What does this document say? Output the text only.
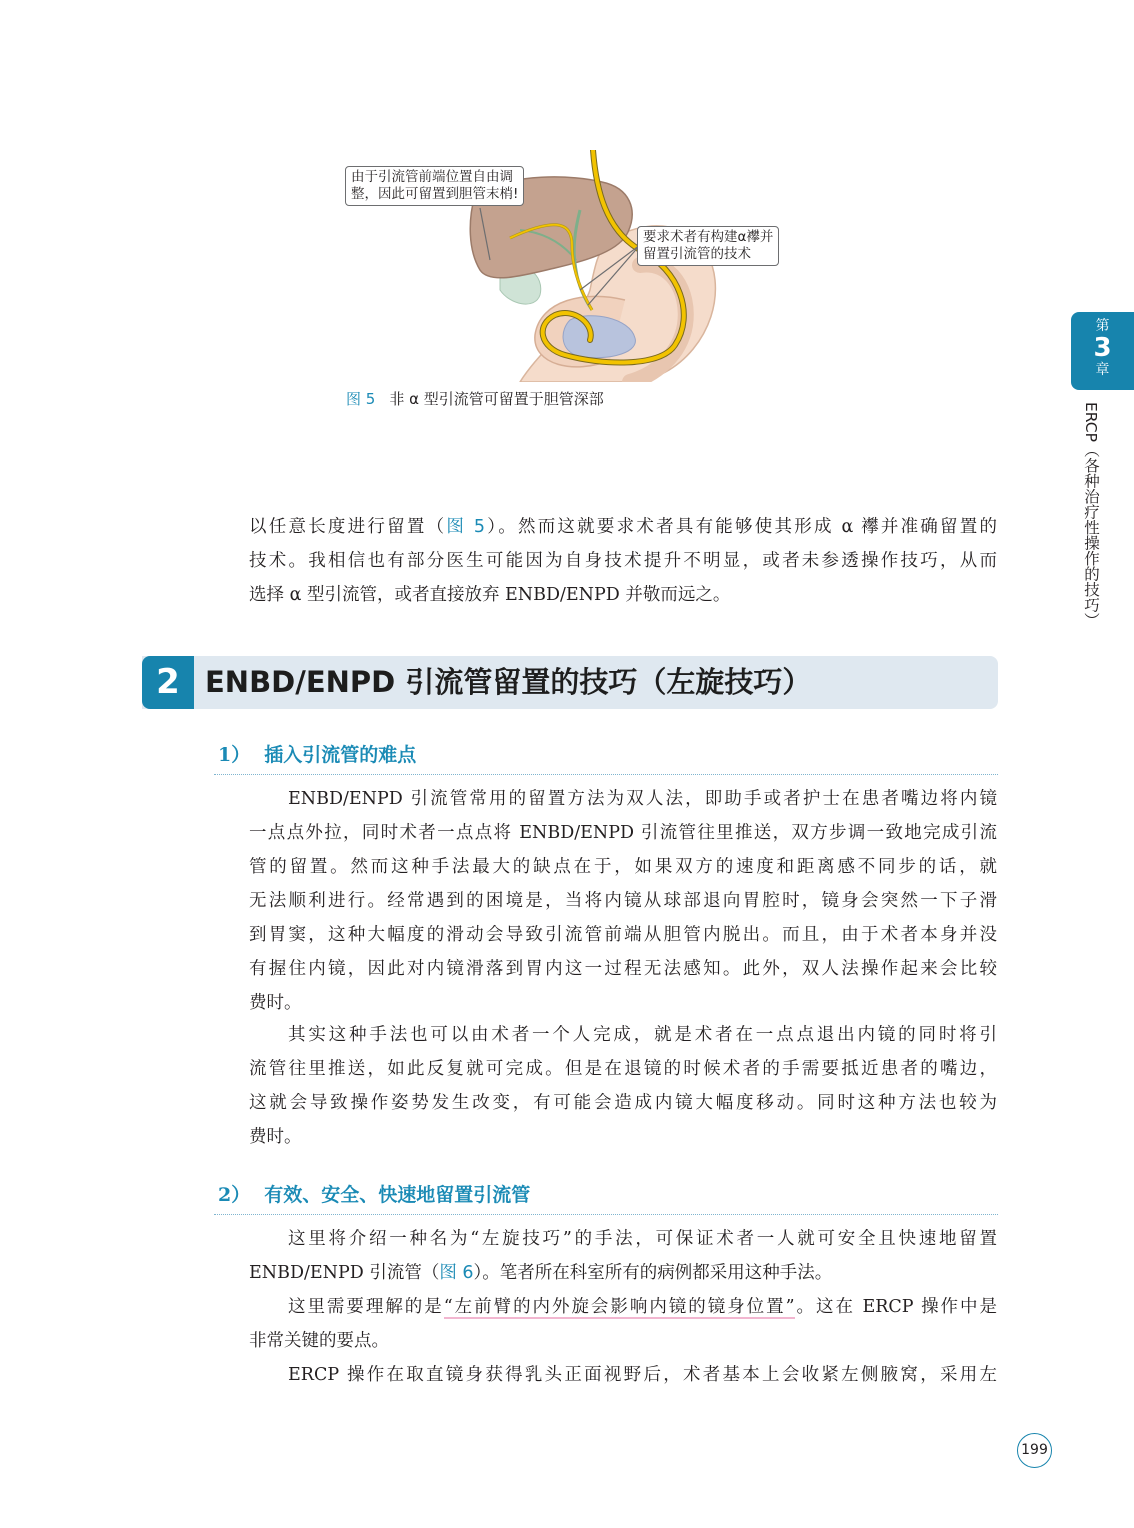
由于引流管前端位置自由调
整，因此可留置到胆管末梢!
要求术者有构建α襻并
留置引流管的技术
图 5 非 α 型引流管可留置于胆管深部
以任意长度进行留置（图 5）。然而这就要求术者具有能够使其形成 α 襻并准确留置的
技术。我相信也有部分医生可能因为自身技术提升不明显，或者未参透操作技巧，从而
选择 α 型引流管，或者直接放弃 ENBD/ENPD 并敬而远之。
2 ENBD/ENPD 引流管留置的技巧（左旋技巧）
1） 插入引流管的难点
ENBD/ENPD 引流管常用的留置方法为双人法，即助手或者护士在患者嘴边将内镜
一点点外拉，同时术者一点点将 ENBD/ENPD 引流管往里推送，双方步调一致地完成引流
管的留置。然而这种手法最大的缺点在于，如果双方的速度和距离感不同步的话，就
无法顺利进行。经常遇到的困境是，当将内镜从球部退向胃腔时，镜身会突然一下子滑
到胃窦，这种大幅度的滑动会导致引流管前端从胆管内脱出。而且，由于术者本身并没
有握住内镜，因此对内镜滑落到胃内这一过程无法感知。此外，双人法操作起来会比较
费时。
其实这种手法也可以由术者一个人完成，就是术者在一点点退出内镜的同时将引
流管往里推送，如此反复就可完成。但是在退镜的时候术者的手需要抵近患者的嘴边，
这就会导致操作姿势发生改变，有可能会造成内镜大幅度移动。同时这种方法也较为
费时。
2） 有效、安全、快速地留置引流管
这里将介绍一种名为“左旋技巧”的手法，可保证术者一人就可安全且快速地留置
ENBD/ENPD 引流管（图 6）。笔者所在科室所有的病例都采用这种手法。
这里需要理解的是“左前臂的内外旋会影响内镜的镜身位置”。这在 ERCP 操作中是
非常关键的要点。
ERCP 操作在取直镜身获得乳头正面视野后，术者基本上会收紧左侧腋窝，采用左
第
3
章
ERCP（各种治疗性操作的技巧）
199
